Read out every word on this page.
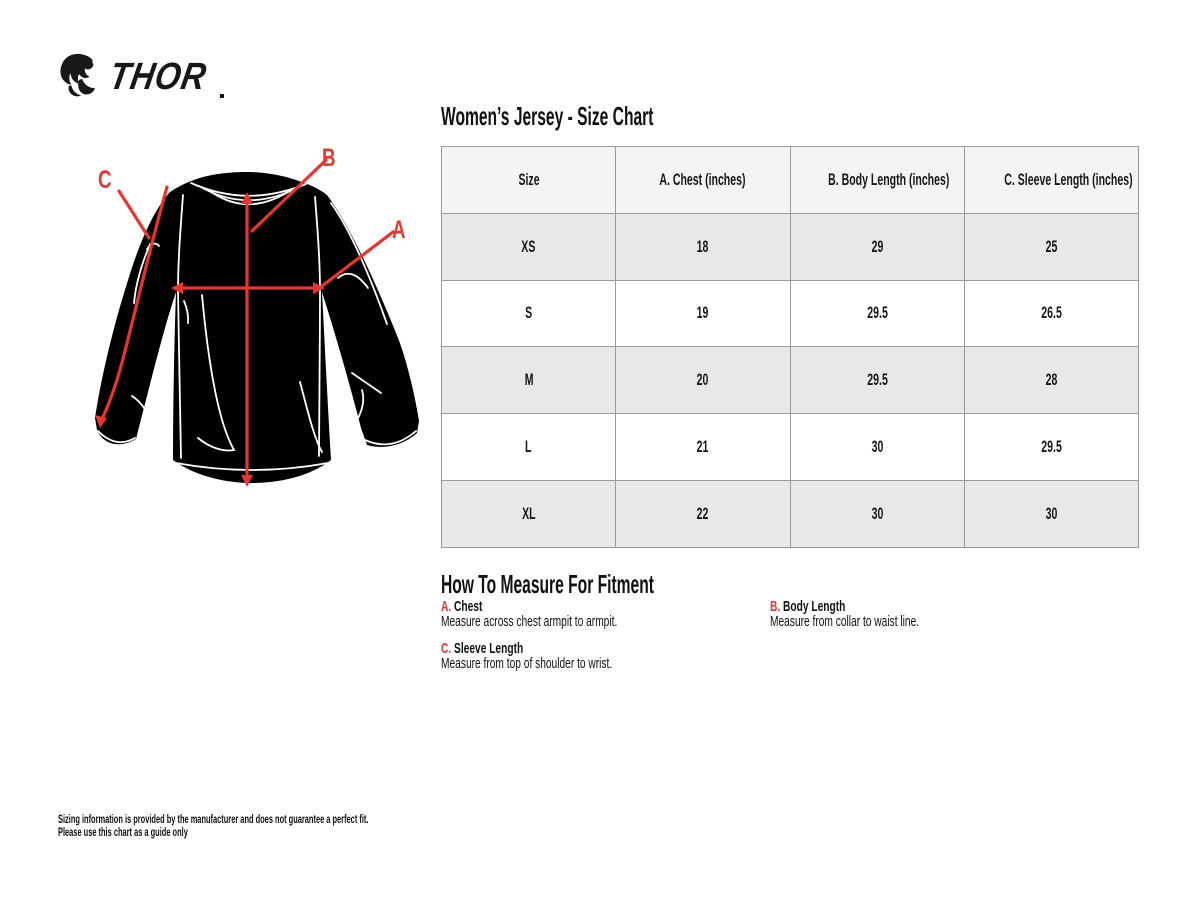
THOR
C
B
A
Women’s Jersey - Size Chart
Size	A. Chest (inches)	B. Body Length (inches)	C. Sleeve Length (inches)
XS	18	29	25
S	19	29.5	26.5
M	20	29.5	28
L	21	30	29.5
XL	22	30	30
How To Measure For Fitment
A. Chest
Measure across chest armpit to armpit.
B. Body Length
Measure from collar to waist line.
C. Sleeve Length
Measure from top of shoulder to wrist.
Sizing information is provided by the manufacturer and does not guarantee a perfect fit.
Please use this chart as a guide only
